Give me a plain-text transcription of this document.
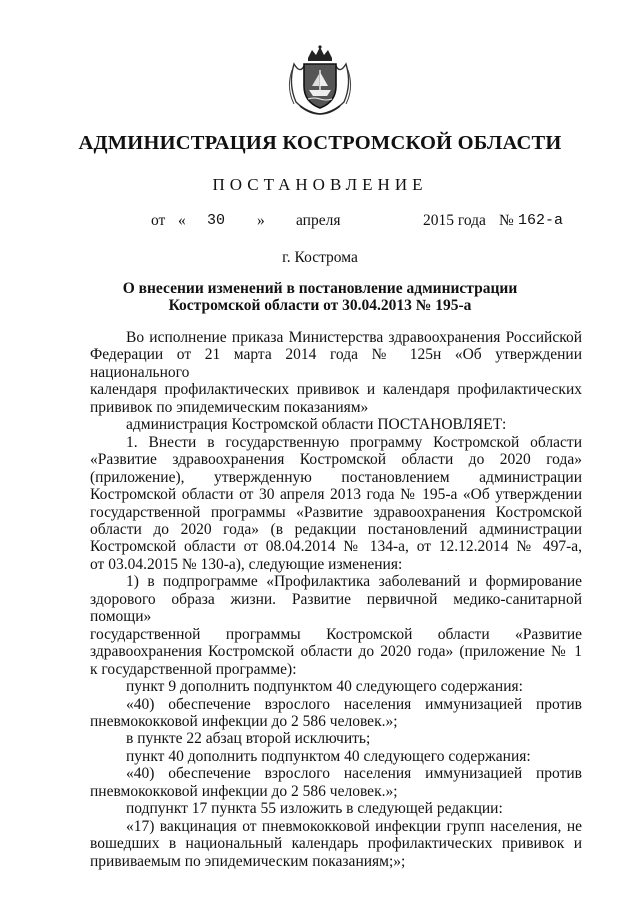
АДМИНИСТРАЦИЯ КОСТРОМСКОЙ ОБЛАСТИ
ПОСТАНОВЛЕНИЕ
от « 30 » апреля	2015 года № 162-а
г. Кострома
О внесении изменений в постановление администрации
Костромской области от 30.04.2013 № 195-а

Во исполнение приказа Министерства здравоохранения Российской

Федерации от 21 марта 2014 года № 125н «Об утверждении национального

календаря профилактических прививок и календаря профилактических

прививок по эпидемическим показаниям»

администрация Костромской области ПОСТАНОВЛЯЕТ:

1. Внести в государственную программу Костромской области

«Развитие здравоохранения Костромской области до 2020 года»

(приложение), утвержденную постановлением администрации

Костромской области от 30 апреля 2013 года № 195-а «Об утверждении

государственной программы «Развитие здравоохранения Костромской

области до 2020 года» (в редакции постановлений администрации

Костромской области от 08.04.2014 № 134-а, от 12.12.2014 № 497-а,

от 03.04.2015 № 130-а), следующие изменения:

1) в подпрограмме «Профилактика заболеваний и формирование

здорового образа жизни. Развитие первичной медико-санитарной помощи»

государственной программы Костромской области «Развитие

здравоохранения Костромской области до 2020 года» (приложение № 1

к государственной программе):

пункт 9 дополнить подпунктом 40 следующего содержания:

«40) обеспечение взрослого населения иммунизацией против

пневмококковой инфекции до 2 586 человек.»;

в пункте 22 абзац второй исключить;

пункт 40 дополнить подпунктом 40 следующего содержания:

«40) обеспечение взрослого населения иммунизацией против

пневмококковой инфекции до 2 586 человек.»;

подпункт 17 пункта 55 изложить в следующей редакции:

«17) вакцинация от пневмококковой инфекции групп населения, не

вошедших в национальный календарь профилактических прививок и

прививаемым по эпидемическим показаниям;»;
